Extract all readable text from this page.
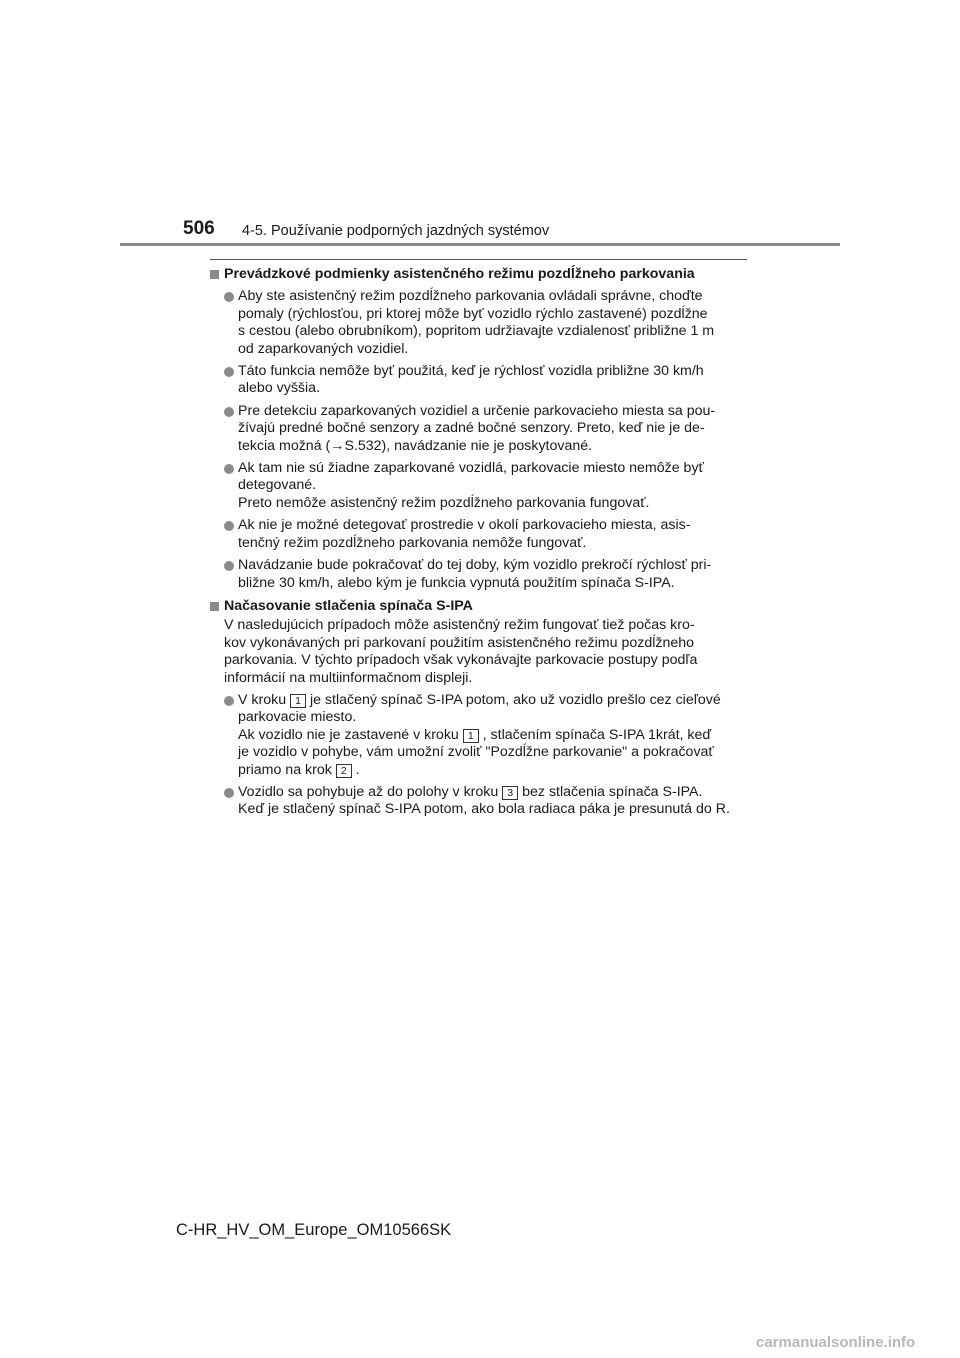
506 4-5. Používanie podporných jazdných systémov

Prevádzkové podmienky asistenčného režimu pozdĺžneho parkovania

Aby ste asistenčný režim pozdĺžneho parkovania ovládali správne, choďte
pomaly (rýchlosťou, pri ktorej môže byť vozidlo rýchlo zastavené) pozdĺžne
s cestou (alebo obrubníkom), popritom udržiavajte vzdialenosť približne 1 m
od zaparkovaných vozidiel.
Táto funkcia nemôže byť použitá, keď je rýchlosť vozidla približne 30 km/h
alebo vyššia.
Pre detekciu zaparkovaných vozidiel a určenie parkovacieho miesta sa pou-
žívajú predné bočné senzory a zadné bočné senzory. Preto, keď nie je de-
tekcia možná (→S.532), navádzanie nie je poskytované.
Ak tam nie sú žiadne zaparkované vozidlá, parkovacie miesto nemôže byť
detegované.
Preto nemôže asistenčný režim pozdĺžneho parkovania fungovať.
Ak nie je možné detegovať prostredie v okolí parkovacieho miesta, asis-
tenčný režim pozdĺžneho parkovania nemôže fungovať.
Navádzanie bude pokračovať do tej doby, kým vozidlo prekročí rýchlosť pri-
bližne 30 km/h, alebo kým je funkcia vypnutá použitím spínača S-IPA.

Načasovanie stlačenia spínača S-IPA

V nasledujúcich prípadoch môže asistenčný režim fungovať tiež počas kro-
kov vykonávaných pri parkovaní použitím asistenčného režimu pozdĺžneho
parkovania. V týchto prípadoch však vykonávajte parkovacie postupy podľa
informácií na multiinformačnom displeji.
V kroku 1 je stlačený spínač S-IPA potom, ako už vozidlo prešlo cez cieľové
parkovacie miesto.
Ak vozidlo nie je zastavené v kroku 1 , stlačením spínača S-IPA 1krát, keď
je vozidlo v pohybe, vám umožní zvoliť "Pozdĺžne parkovanie" a pokračovať
priamo na krok 2 .
Vozidlo sa pohybuje až do polohy v kroku 3 bez stlačenia spínača S-IPA.
Keď je stlačený spínač S-IPA potom, ako bola radiaca páka je presunutá do R.
C-HR_HV_OM_Europe_OM10566SK
carmanualsonline.info
